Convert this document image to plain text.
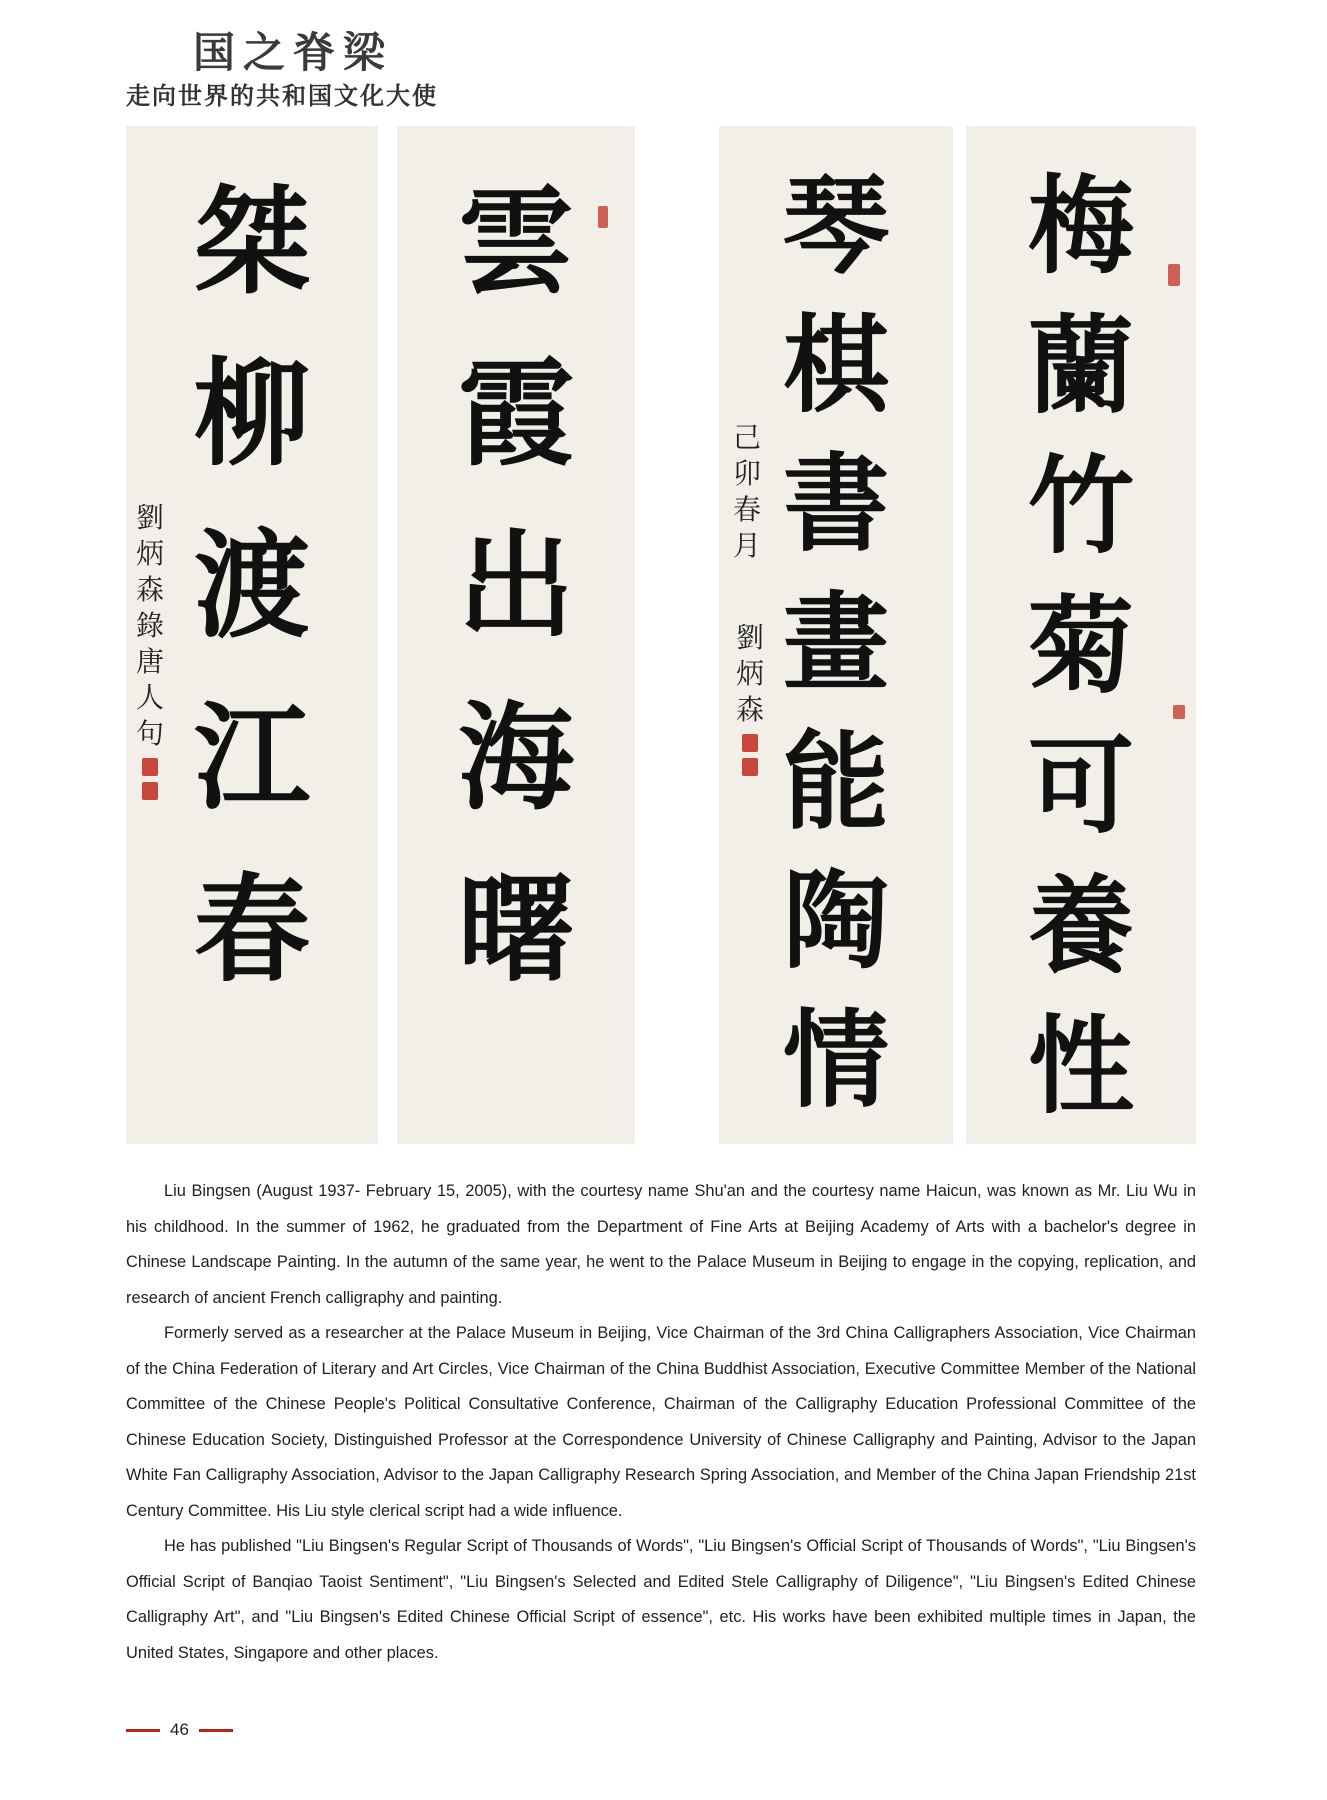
国之脊梁
走向世界的共和国文化大使
桀
柳
渡
江
春
劉
炳
森
錄
唐
人
句
雲
霞
出
海
曙
琴
棋
書
畫
能
陶
情
己
卯
春
月
劉
炳
森
梅
蘭
竹
菊
可
養
性

Liu Bingsen (August 1937- February 15, 2005), with the courtesy name Shu'an and the courtesy name Haicun, was known as Mr. Liu Wu in his childhood. In the summer of 1962, he graduated from the Department of Fine Arts at Beijing Academy of Arts with a bachelor's degree in Chinese Landscape Painting. In the autumn of the same year, he went to the Palace Museum in Beijing to engage in the copying, replication, and research of ancient French calligraphy and painting.

Formerly served as a researcher at the Palace Museum in Beijing, Vice Chairman of the 3rd China Calligraphers Association, Vice Chairman of the China Federation of Literary and Art Circles, Vice Chairman of the China Buddhist Association, Executive Committee Member of the National Committee of the Chinese People's Political Consultative Conference, Chairman of the Calligraphy Education Professional Committee of the Chinese Education Society, Distinguished Professor at the Correspondence University of Chinese Calligraphy and Painting, Advisor to the Japan White Fan Calligraphy Association, Advisor to the Japan Calligraphy Research Spring Association, and Member of the China Japan Friendship 21st Century Committee. His Liu style clerical script had a wide influence.

He has published "Liu Bingsen's Regular Script of Thousands of Words", "Liu Bingsen's Official Script of Thousands of Words", "Liu Bingsen's Official Script of Banqiao Taoist Sentiment", "Liu Bingsen's Selected and Edited Stele Calligraphy of Diligence", "Liu Bingsen's Edited Chinese Calligraphy Art", and "Liu Bingsen's Edited Chinese Official Script of essence", etc. His works have been exhibited multiple times in Japan, the United States, Singapore and other places.

46
